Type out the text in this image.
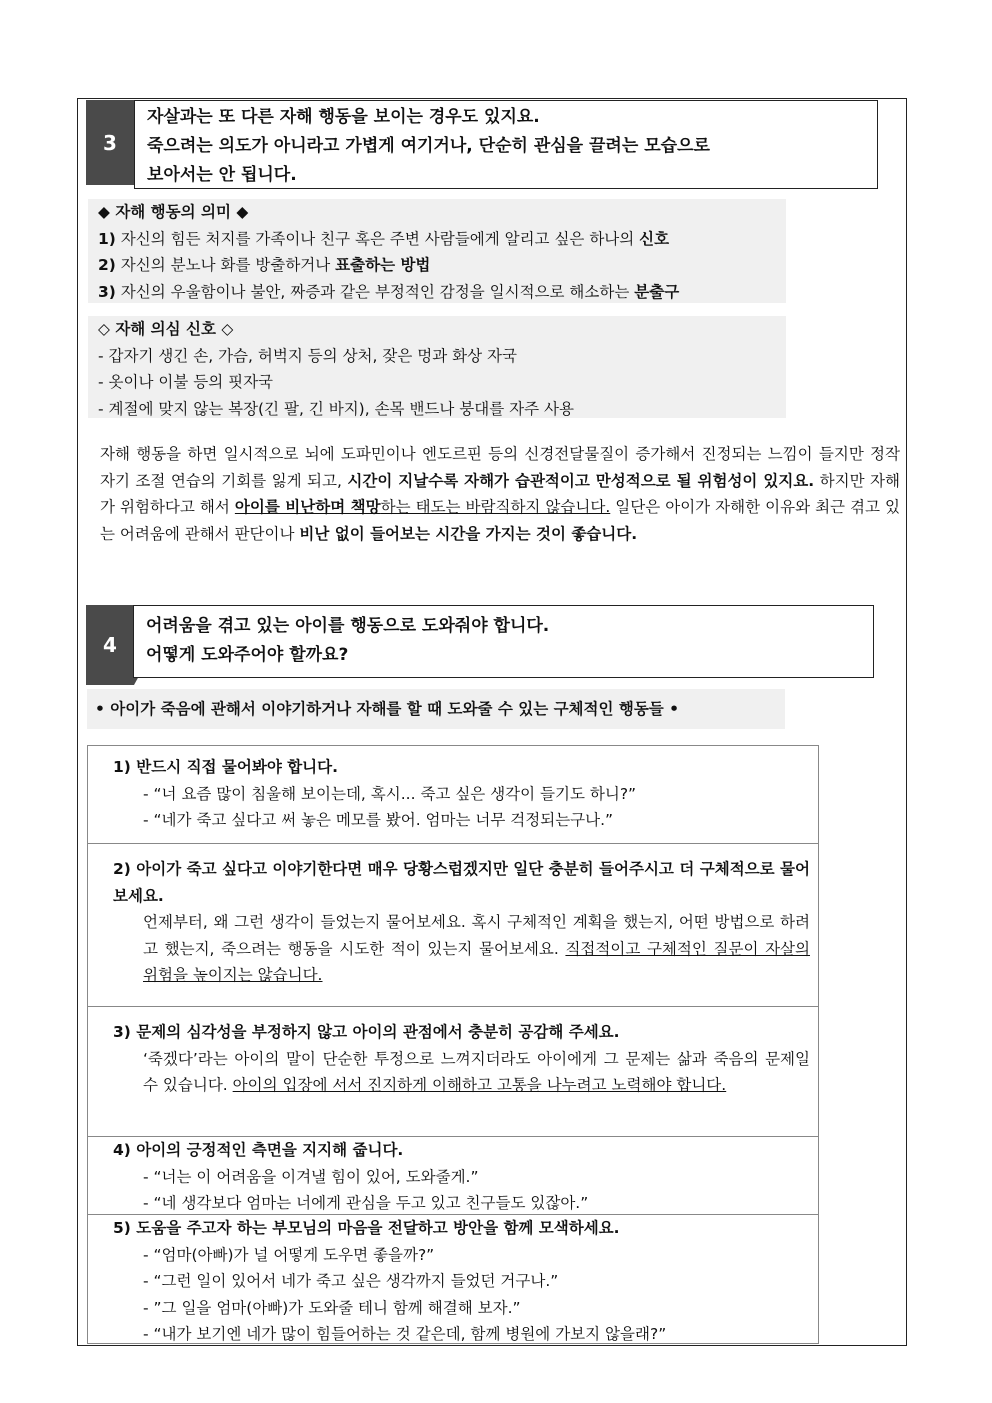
3
자살과는 또 다른 자해 행동을 보이는 경우도 있지요.
죽으려는 의도가 아니라고 가볍게 여기거나, 단순히 관심을 끌려는 모습으로
보아서는 안 됩니다.
◆ 자해 행동의 의미 ◆
1) 자신의 힘든 처지를 가족이나 친구 혹은 주변 사람들에게 알리고 싶은 하나의 신호
2) 자신의 분노나 화를 방출하거나 표출하는 방법
3) 자신의 우울함이나 불안, 짜증과 같은 부정적인 감정을 일시적으로 해소하는 분출구
◇ 자해 의심 신호 ◇
- 갑자기 생긴 손, 가슴, 허벅지 등의 상처, 잦은 멍과 화상 자국
- 옷이나 이불 등의 핏자국
- 계절에 맞지 않는 복장(긴 팔, 긴 바지), 손목 밴드나 붕대를 자주 사용
자해 행동을 하면 일시적으로 뇌에 도파민이나 엔도르핀 등의 신경전달물질이 증가해서 진정되는 느낌이 들지만 정작 자기 조절 연습의 기회를 잃게 되고, 시간이 지날수록 자해가 습관적이고 만성적으로 될 위험성이 있지요. 하지만 자해가 위험하다고 해서 아이를 비난하며 책망하는 태도는 바람직하지 않습니다. 일단은 아이가 자해한 이유와 최근 겪고 있는 어려움에 관해서 판단이나 비난 없이 들어보는 시간을 가지는 것이 좋습니다.
4
어려움을 겪고 있는 아이를 행동으로 도와줘야 합니다.
어떻게 도와주어야 할까요?
• 아이가 죽음에 관해서 이야기하거나 자해를 할 때 도와줄 수 있는 구체적인 행동들 •
1) 반드시 직접 물어봐야 합니다.
- “너 요즘 많이 침울해 보이는데, 혹시... 죽고 싶은 생각이 들기도 하니?”
- “네가 죽고 싶다고 써 놓은 메모를 봤어. 엄마는 너무 걱정되는구나.”
2) 아이가 죽고 싶다고 이야기한다면 매우 당황스럽겠지만 일단 충분히 들어주시고 더 구체적으로 물어보세요.
언제부터, 왜 그런 생각이 들었는지 물어보세요. 혹시 구체적인 계획을 했는지, 어떤 방법으로 하려고 했는지, 죽으려는 행동을 시도한 적이 있는지 물어보세요. 직접적이고 구체적인 질문이 자살의 위험을 높이지는 않습니다.
3) 문제의 심각성을 부정하지 않고 아이의 관점에서 충분히 공감해 주세요.
‘죽겠다’라는 아이의 말이 단순한 투정으로 느껴지더라도 아이에게 그 문제는 삶과 죽음의 문제일 수 있습니다. 아이의 입장에 서서 진지하게 이해하고 고통을 나누려고 노력해야 합니다.
4) 아이의 긍정적인 측면을 지지해 줍니다.
- “너는 이 어려움을 이겨낼 힘이 있어, 도와줄게.”
- “네 생각보다 엄마는 너에게 관심을 두고 있고 친구들도 있잖아.”
5) 도움을 주고자 하는 부모님의 마음을 전달하고 방안을 함께 모색하세요.
- “엄마(아빠)가 널 어떻게 도우면 좋을까?”
- “그런 일이 있어서 네가 죽고 싶은 생각까지 들었던 거구나.”
- ”그 일을 엄마(아빠)가 도와줄 테니 함께 해결해 보자.”
- “내가 보기엔 네가 많이 힘들어하는 것 같은데, 함께 병원에 가보지 않을래?”
